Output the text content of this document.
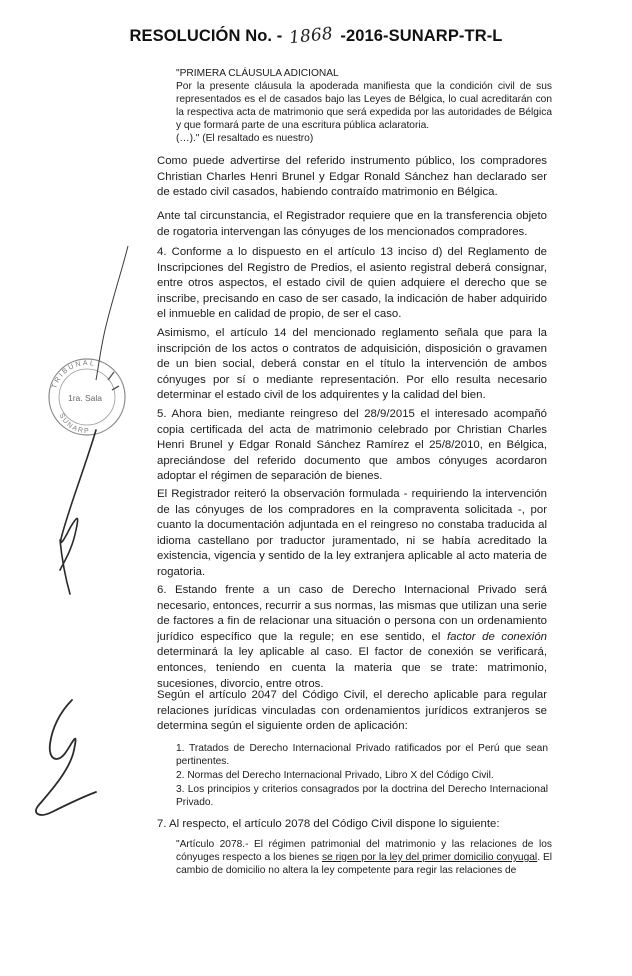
RESOLUCIÓN No. - 1868 -2016-SUNARP-TR-L

"PRIMERA CLÁUSULA ADICIONAL

Por la presente cláusula la apoderada manifiesta que la condición civil de sus representados es el de casados bajo las Leyes de Bélgica, lo cual acreditarán con la respectiva acta de matrimonio que será expedida por las autoridades de Bélgica y que formará parte de una escritura pública aclaratoria.

(…)." (El resaltado es nuestro)

Como puede advertirse del referido instrumento público, los compradores Christian Charles Henri Brunel y Edgar Ronald Sánchez han declarado ser de estado civil casados, habiendo contraído matrimonio en Bélgica.

Ante tal circunstancia, el Registrador requiere que en la transferencia objeto de rogatoria intervengan las cónyuges de los mencionados compradores.

4. Conforme a lo dispuesto en el artículo 13 inciso d) del Reglamento de Inscripciones del Registro de Predios, el asiento registral deberá consignar, entre otros aspectos, el estado civil de quien adquiere el derecho que se inscribe, precisando en caso de ser casado, la indicación de haber adquirido el inmueble en calidad de propio, de ser el caso.

Asimismo, el artículo 14 del mencionado reglamento señala que para la inscripción de los actos o contratos de adquisición, disposición o gravamen de un bien social, deberá constar en el título la intervención de ambos cónyuges por sí o mediante representación. Por ello resulta necesario determinar el estado civil de los adquirentes y la calidad del bien.

5. Ahora bien, mediante reingreso del 28/9/2015 el interesado acompañó copia certificada del acta de matrimonio celebrado por Christian Charles Henri Brunel y Edgar Ronald Sánchez Ramírez el 25/8/2010, en Bélgica, apreciándose del referido documento que ambos cónyuges acordaron adoptar el régimen de separación de bienes.

El Registrador reiteró la observación formulada - requiriendo la intervención de las cónyuges de los compradores en la compraventa solicitada -, por cuanto la documentación adjuntada en el reingreso no constaba traducida al idioma castellano por traductor juramentado, ni se había acreditado la existencia, vigencia y sentido de la ley extranjera aplicable al acto materia de rogatoria.

6. Estando frente a un caso de Derecho Internacional Privado será necesario, entonces, recurrir a sus normas, las mismas que utilizan una serie de factores a fin de relacionar una situación o persona con un ordenamiento jurídico específico que la regule; en ese sentido, el factor de conexión determinará la ley aplicable al caso. El factor de conexión se verificará, entonces, teniendo en cuenta la materia que se trate: matrimonio, sucesiones, divorcio, entre otros.

Según el artículo 2047 del Código Civil, el derecho aplicable para regular relaciones jurídicas vinculadas con ordenamientos jurídicos extranjeros se determina según el siguiente orden de aplicación:

1. Tratados de Derecho Internacional Privado ratificados por el Perú que sean pertinentes.

2. Normas del Derecho Internacional Privado, Libro X del Código Civil.

3. Los principios y criterios consagrados por la doctrina del Derecho Internacional Privado.

7. Al respecto, el artículo 2078 del Código Civil dispone lo siguiente:

"Artículo 2078.- El régimen patrimonial del matrimonio y las relaciones de los cónyuges respecto a los bienes se rigen por la ley del primer domicilio conyugal. El cambio de domicilio no altera la ley competente para regir las relaciones de

TRIBUNAL
1ra. Sala
SUNARP
